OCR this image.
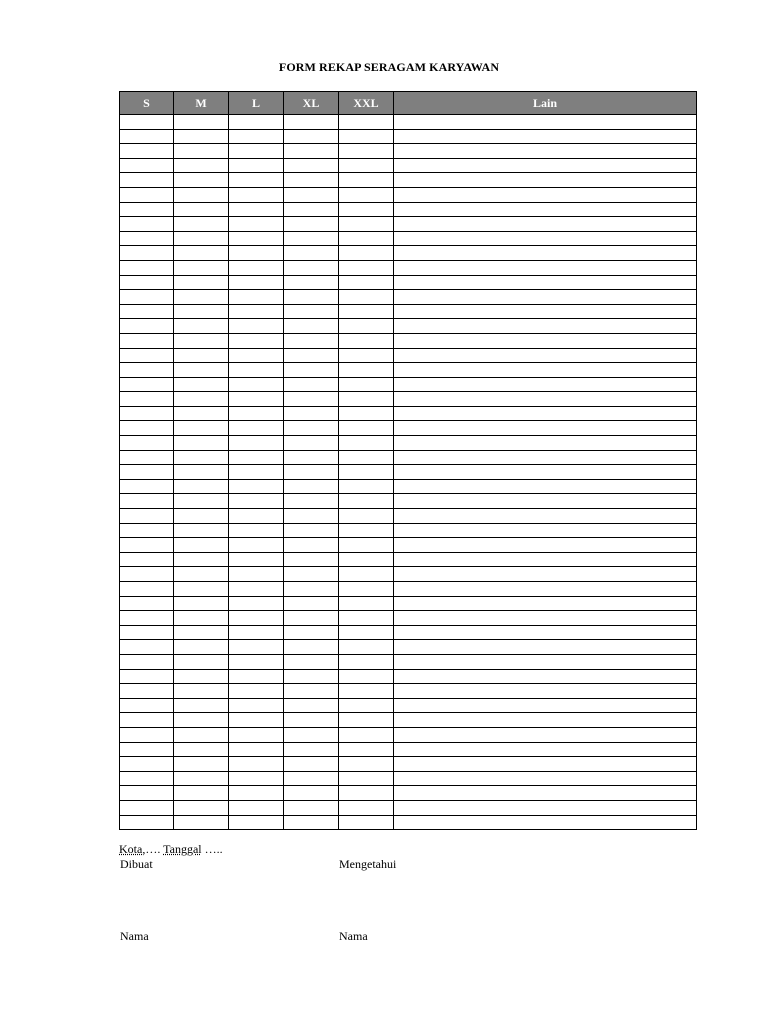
FORM REKAP SERAGAM KARYAWAN
S	M	L	XL	XXL	Lain

Kota,…. Tanggal …..
Dibuat	Mengetahui
Nama	Nama
